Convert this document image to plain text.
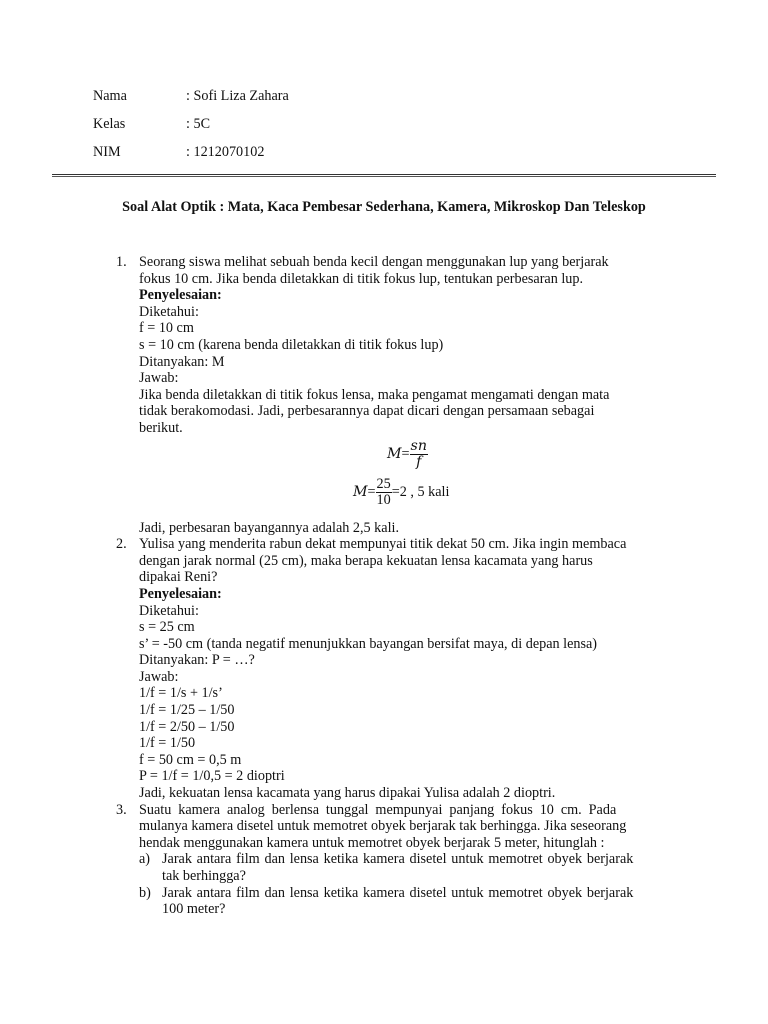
Nama	: Sofi Liza Zahara
Kelas	: 5C
NIM	: 1212070102
Soal Alat Optik : Mata, Kaca Pembesar Sederhana, Kamera, Mikroskop Dan Teleskop
1. Seorang siswa melihat sebuah benda kecil dengan menggunakan lup yang berjarak
fokus 10 cm. Jika benda diletakkan di titik fokus lup, tentukan perbesaran lup.
Penyelesaian:
Diketahui:
f = 10 cm
s = 10 cm (karena benda diletakkan di titik fokus lup)
Ditanyakan: M
Jawab:
Jika benda diletakkan di titik fokus lensa, maka pengamat mengamati dengan mata
tidak berakomodasi. Jadi, perbesarannya dapat dicari dengan persamaan sebagai
berikut.
$M= \frac{sn}{f}$
$M= \frac{25}{10} =2$ , 5 kali
Jadi, perbesaran bayangannya adalah 2,5 kali.
2. Yulisa yang menderita rabun dekat mempunyai titik dekat 50 cm. Jika ingin membaca
dengan jarak normal (25 cm), maka berapa kekuatan lensa kacamata yang harus
dipakai Reni?
Penyelesaian:
Diketahui:
s = 25 cm
s’ = -50 cm (tanda negatif menunjukkan bayangan bersifat maya, di depan lensa)
Ditanyakan: P = …?
Jawab:
1/f = 1/s + 1/s’
1/f = 1/25 – 1/50
1/f = 2/50 – 1/50
1/f = 1/50
f = 50 cm = 0,5 m
P = 1/f = 1/0,5 = 2 dioptri
Jadi, kekuatan lensa kacamata yang harus dipakai Yulisa adalah 2 dioptri.
3. Suatu kamera analog berlensa tunggal mempunyai panjang fokus 10 cm. Pada
mulanya kamera disetel untuk memotret obyek berjarak tak berhingga. Jika seseorang
hendak menggunakan kamera untuk memotret obyek berjarak 5 meter, hitunglah :
a) Jarak antara film dan lensa ketika kamera disetel untuk memotret obyek berjarak
tak berhingga?
b) Jarak antara film dan lensa ketika kamera disetel untuk memotret obyek berjarak
100 meter?
